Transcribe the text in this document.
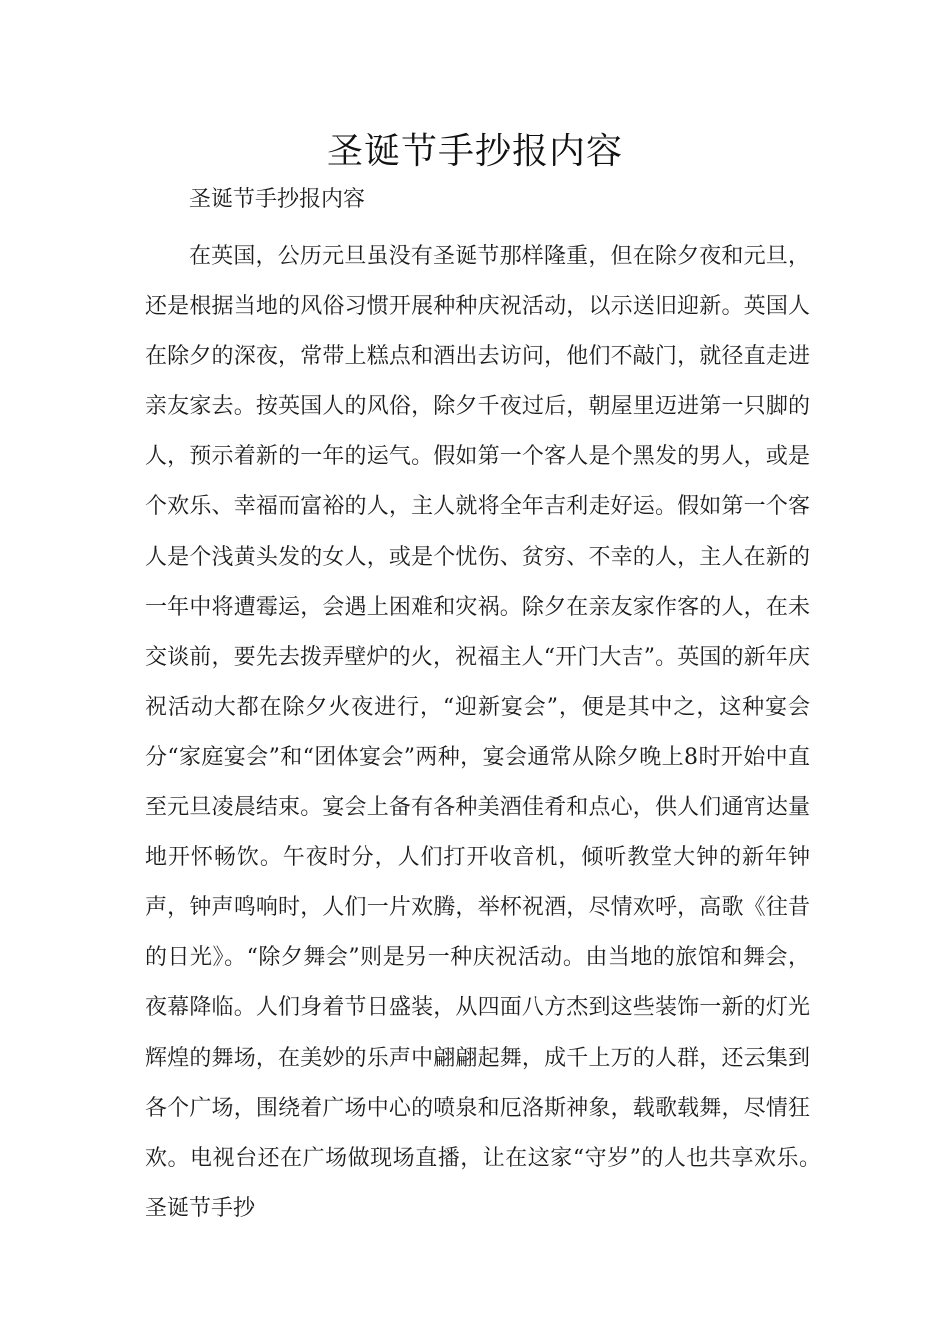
圣诞节手抄报内容
圣诞节手抄报内容
在英国，公历元旦虽没有圣诞节那样隆重，但在除夕夜和元旦，还是根据当地的风俗习惯开展种种庆祝活动，以示送旧迎新。英国人在除夕的深夜，常带上糕点和酒出去访问，他们不敲门，就径直走进亲友家去。按英国人的风俗，除夕千夜过后，朝屋里迈进第一只脚的人，预示着新的一年的运气。假如第一个客人是个黑发的男人，或是个欢乐、幸福而富裕的人，主人就将全年吉利走好运。假如第一个客人是个浅黄头发的女人，或是个忧伤、贫穷、不幸的人，主人在新的一年中将遭霉运，会遇上困难和灾祸。除夕在亲友家作客的人，在未交谈前，要先去拨弄壁炉的火，祝福主人“开门大吉”。英国的新年庆祝活动大都在除夕火夜进行，“迎新宴会”，便是其中之，这种宴会分“家庭宴会”和“团体宴会”两种，宴会通常从除夕晚上8时开始中直至元旦凌晨结束。宴会上备有各种美酒佳肴和点心，供人们通宵达量地开怀畅饮。午夜时分，人们打开收音机，倾听教堂大钟的新年钟声，钟声鸣响时，人们一片欢腾，举杯祝酒，尽情欢呼，高歌《往昔的日光》。“除夕舞会”则是另一种庆祝活动。由当地的旅馆和舞会，夜幕降临。人们身着节日盛装，从四面八方杰到这些装饰一新的灯光辉煌的舞场，在美妙的乐声中翩翩起舞，成千上万的人群，还云集到各个广场，围绕着广场中心的喷泉和厄洛斯神象，载歌载舞，尽情狂欢。电视台还在广场做现场直播，让在这家“守岁”的人也共享欢乐。　　圣诞节手抄
